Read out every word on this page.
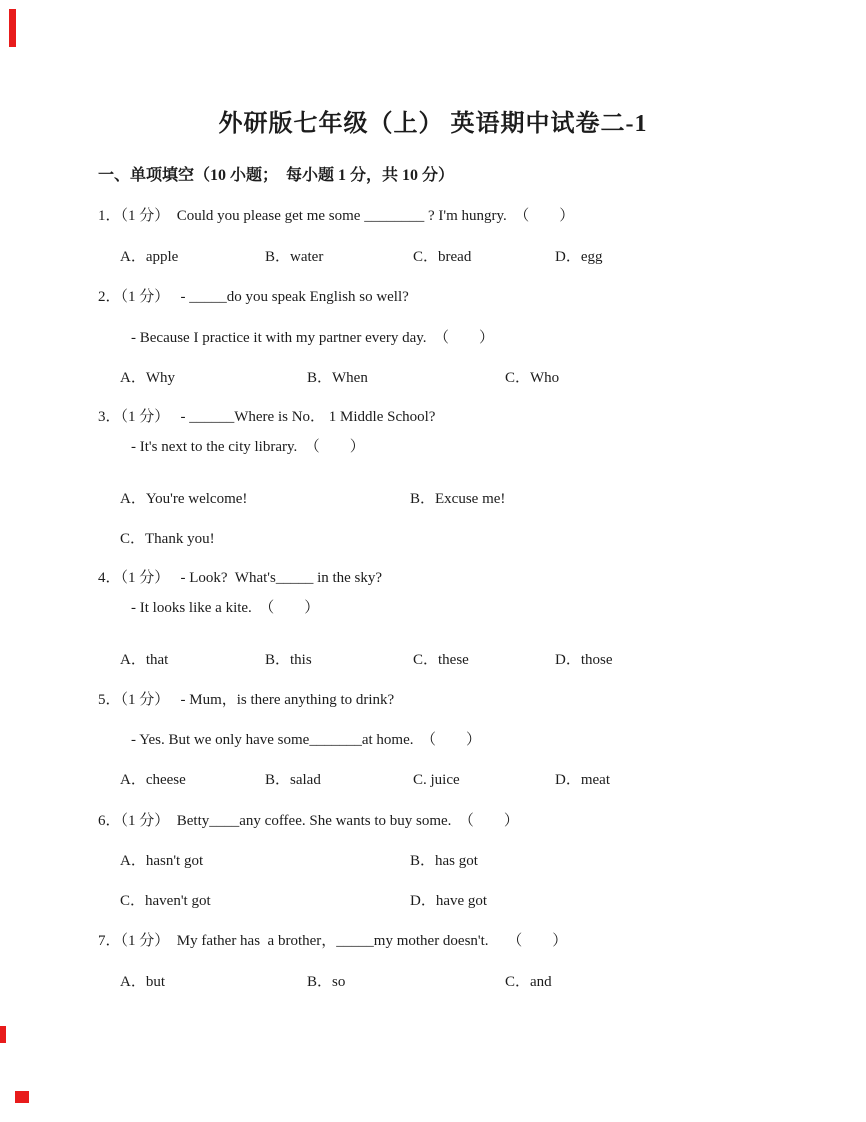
外研版七年级（上） 英语期中试卷二-1
一、单项填空（10 小题；　每小题 1 分，共 10 分）
1．（1 分）  Could you please get me some ________ ? I'm hungry.　（　　）
A．apple	B．water	C．bread	D．egg
2．（1 分）   - _____do you speak English so well?
- Because I practice it with my partner every day.　（　　）
A．Why	B．When	C．Who
3．（1 分）   - ______Where is No． 1 Middle School?
- It's next to the city library.　（　　）
A．You're welcome!	B．Excuse me!
C．Thank you!
4．（1 分）   - Look?  What's_____ in the sky?
- It looks like a kite.　（　　）
A．that	B．this	C．these	D．those
5．（1 分）   - Mum，is there anything to drink?
- Yes. But we only have some_______at home.　（　　）
A．cheese	B．salad	C. juice	D．meat
6．（1 分）  Betty____any coffee. She wants to buy some.　（　　）
A．hasn't got	B．has got
C．haven't got	D．have got
7．（1 分）  My father has  a brother，_____my mother doesn't.　 （　　）
A．but	B．so	C．and
